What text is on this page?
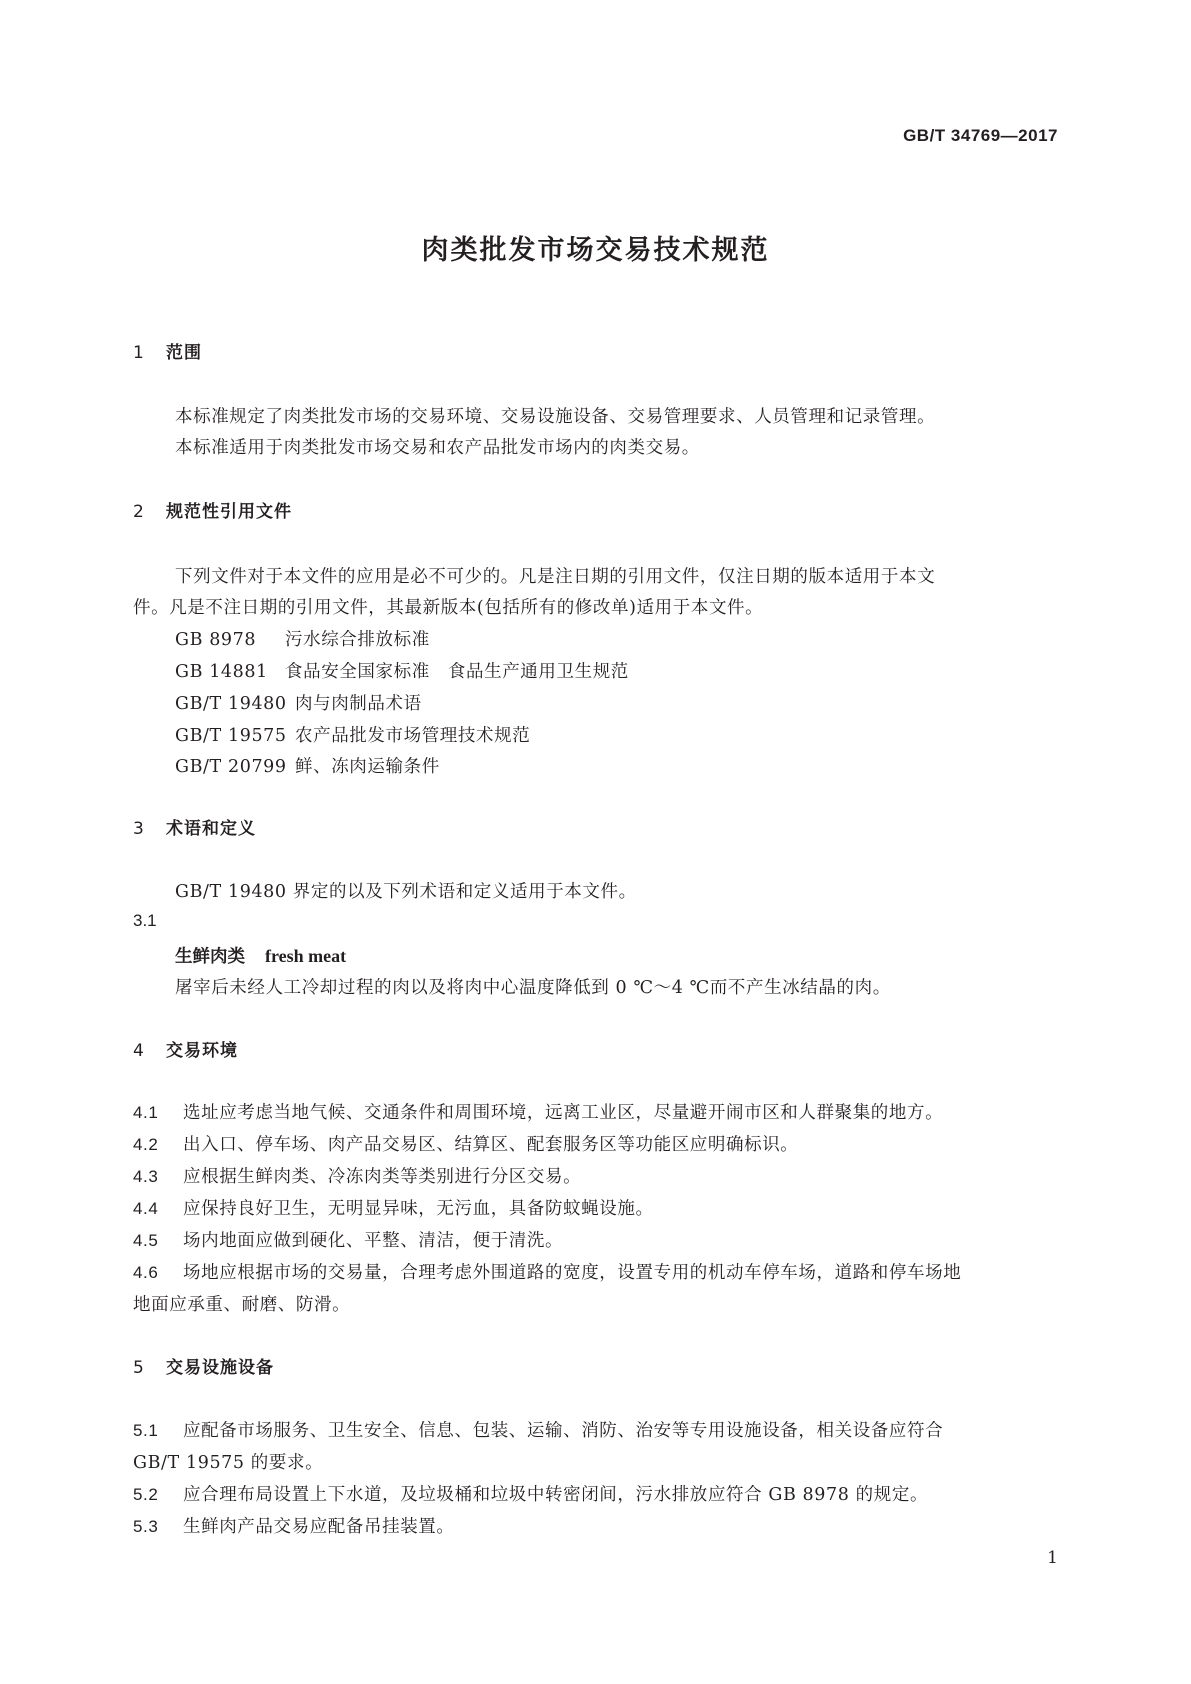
GB/T 34769—2017
肉类批发市场交易技术规范
1 范围
本标准规定了肉类批发市场的交易环境、交易设施设备、交易管理要求、人员管理和记录管理。
本标准适用于肉类批发市场交易和农产品批发市场内的肉类交易。
2 规范性引用文件
下列文件对于本文件的应用是必不可少的。凡是注日期的引用文件，仅注日期的版本适用于本文
件。凡是不注日期的引用文件，其最新版本(包括所有的修改单)适用于本文件。
GB 8978 污水综合排放标准
GB 14881 食品安全国家标准　食品生产通用卫生规范
GB/T 19480 肉与肉制品术语
GB/T 19575 农产品批发市场管理技术规范
GB/T 20799 鲜、冻肉运输条件
3 术语和定义
GB/T 19480 界定的以及下列术语和定义适用于本文件。
3.1
生鲜肉类 fresh meat
屠宰后未经人工冷却过程的肉以及将肉中心温度降低到 0 ℃～4 ℃而不产生冰结晶的肉。
4 交易环境
4.1 选址应考虑当地气候、交通条件和周围环境，远离工业区，尽量避开闹市区和人群聚集的地方。
4.2 出入口、停车场、肉产品交易区、结算区、配套服务区等功能区应明确标识。
4.3 应根据生鲜肉类、冷冻肉类等类别进行分区交易。
4.4 应保持良好卫生，无明显异味，无污血，具备防蚊蝇设施。
4.5 场内地面应做到硬化、平整、清洁，便于清洗。
4.6 场地应根据市场的交易量，合理考虑外围道路的宽度，设置专用的机动车停车场，道路和停车场地
地面应承重、耐磨、防滑。
5 交易设施设备
5.1 应配备市场服务、卫生安全、信息、包装、运输、消防、治安等专用设施设备，相关设备应符合
GB/T 19575 的要求。
5.2 应合理布局设置上下水道，及垃圾桶和垃圾中转密闭间，污水排放应符合 GB 8978 的规定。
5.3 生鲜肉产品交易应配备吊挂装置。
1
